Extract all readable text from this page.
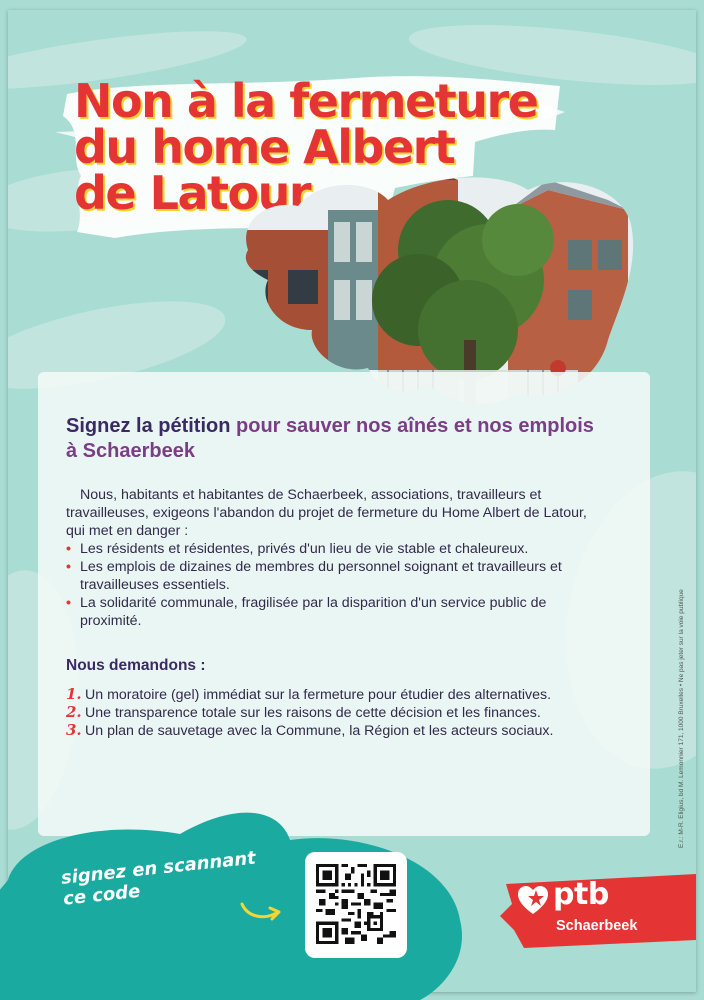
Non à la fermeture
du home Albert
de Latour
Signez la pétition pour sauver nos aînés et nos emplois à Schaerbeek

Nous, habitants et habitantes de Schaerbeek, associations, travailleurs et travailleuses, exigeons l'abandon du projet de fermeture du Home Albert de Latour, qui met en danger :

• Les résidents et résidentes, privés d'un lieu de vie stable et chaleureux.
• Les emplois de dizaines de membres du personnel soignant et travailleurs et travailleuses essentiels.
• La solidarité communale, fragilisée par la disparition d'un service public de proximité.
Nous demandons :
1. Un moratoire (gel) immédiat sur la fermeture pour étudier des alternatives.
2. Une transparence totale sur les raisons de cette décision et les finances.
3. Un plan de sauvetage avec la Commune, la Région et les acteurs sociaux.

signez en scannant
ce code	ptb

Schaerbeek

E.r.: M-R. Eligius, bd M. Lemonnier 171, 1000 Bruxelles • Ne pas jeter sur la voie publique
